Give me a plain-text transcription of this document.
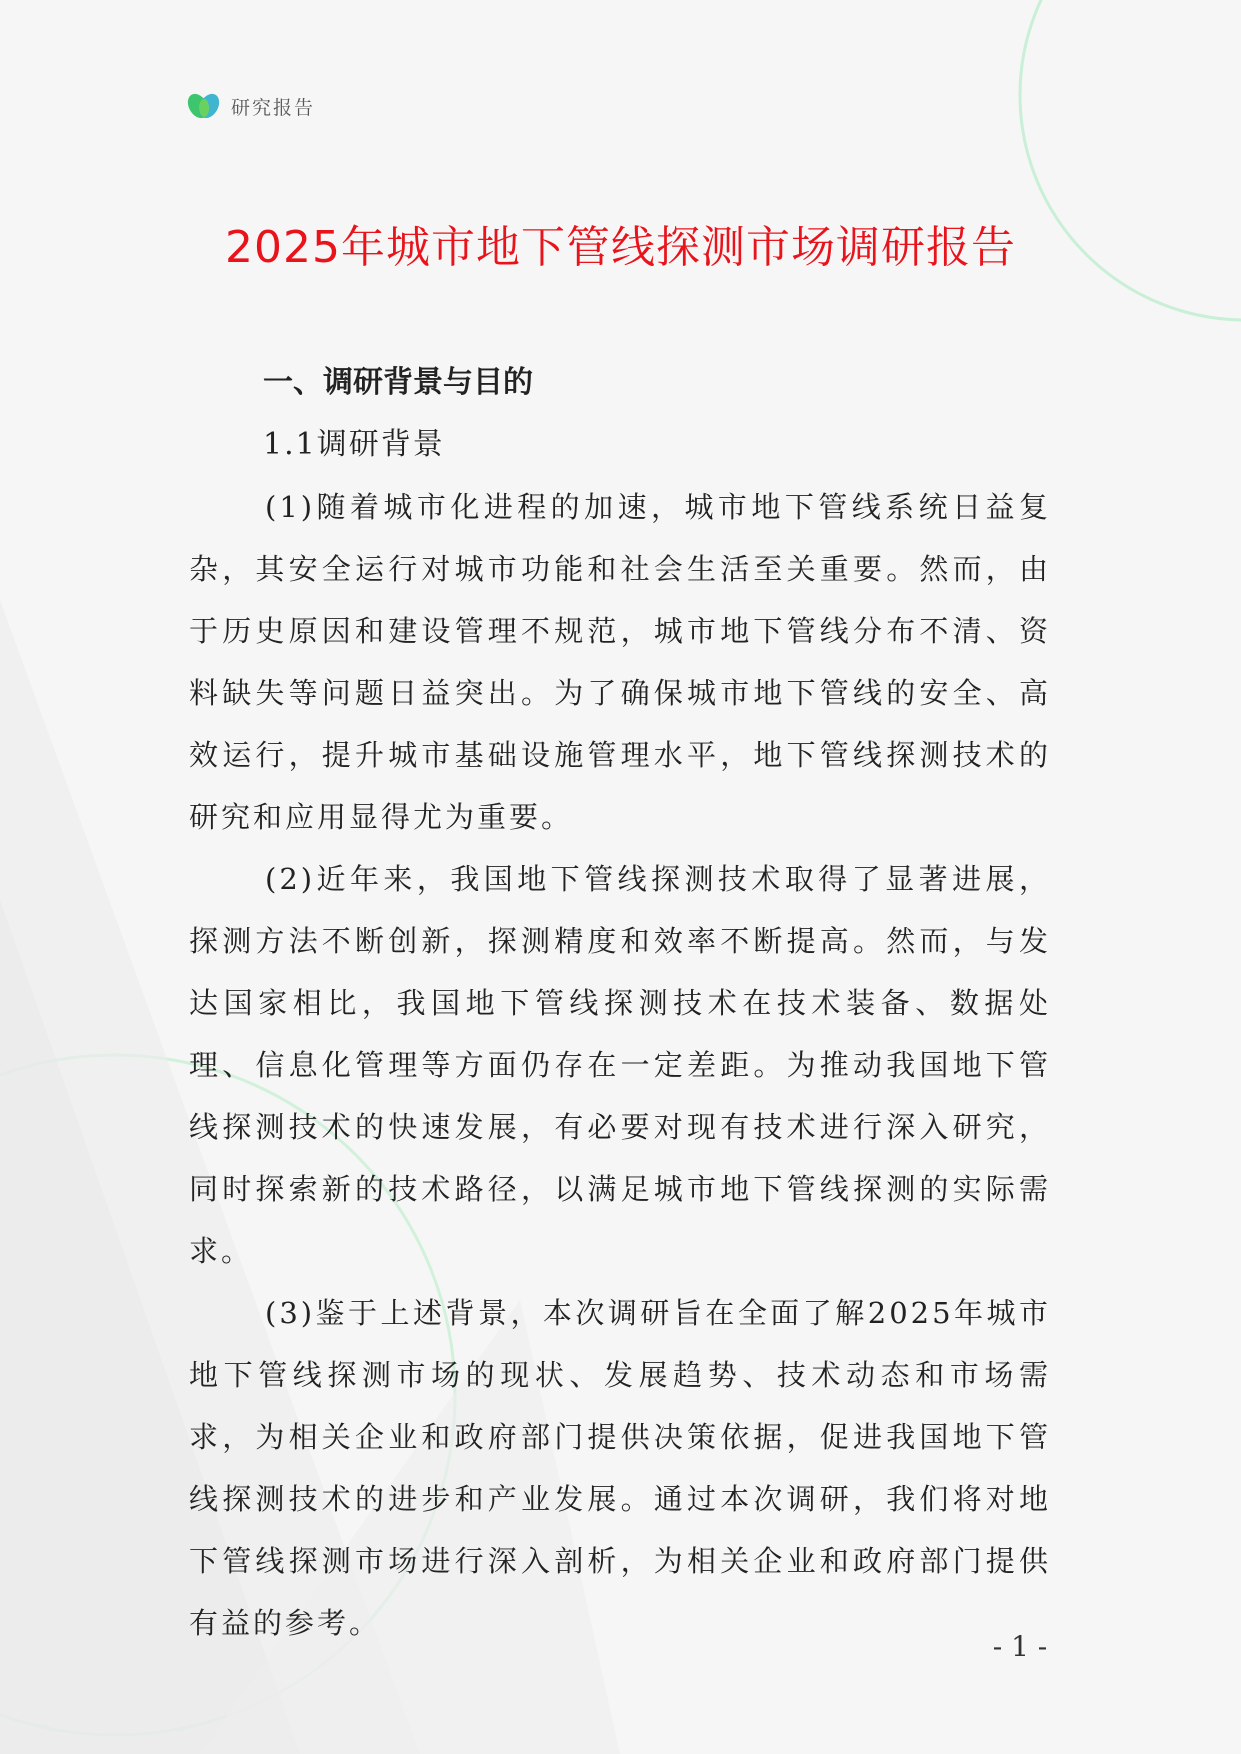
研究报告
2025年城市地下管线探测市场调研报告
一、调研背景与目的
1.1调研背景

(1)随着城市化进程的加速，城市地下管线系统日益复杂，其安全运行对城市功能和社会生活至关重要。然而，由于历史原因和建设管理不规范，城市地下管线分布不清、资料缺失等问题日益突出。为了确保城市地下管线的安全、高效运行，提升城市基础设施管理水平，地下管线探测技术的研究和应用显得尤为重要。

(2)近年来，我国地下管线探测技术取得了显著进展，探测方法不断创新，探测精度和效率不断提高。然而，与发达国家相比，我国地下管线探测技术在技术装备、数据处理、信息化管理等方面仍存在一定差距。为推动我国地下管线探测技术的快速发展，有必要对现有技术进行深入研究，同时探索新的技术路径，以满足城市地下管线探测的实际需求。

(3)鉴于上述背景，本次调研旨在全面了解2025年城市地下管线探测市场的现状、发展趋势、技术动态和市场需求，为相关企业和政府部门提供决策依据，促进我国地下管线探测技术的进步和产业发展。通过本次调研，我们将对地下管线探测市场进行深入剖析，为相关企业和政府部门提供有益的参考。

- 1 -
